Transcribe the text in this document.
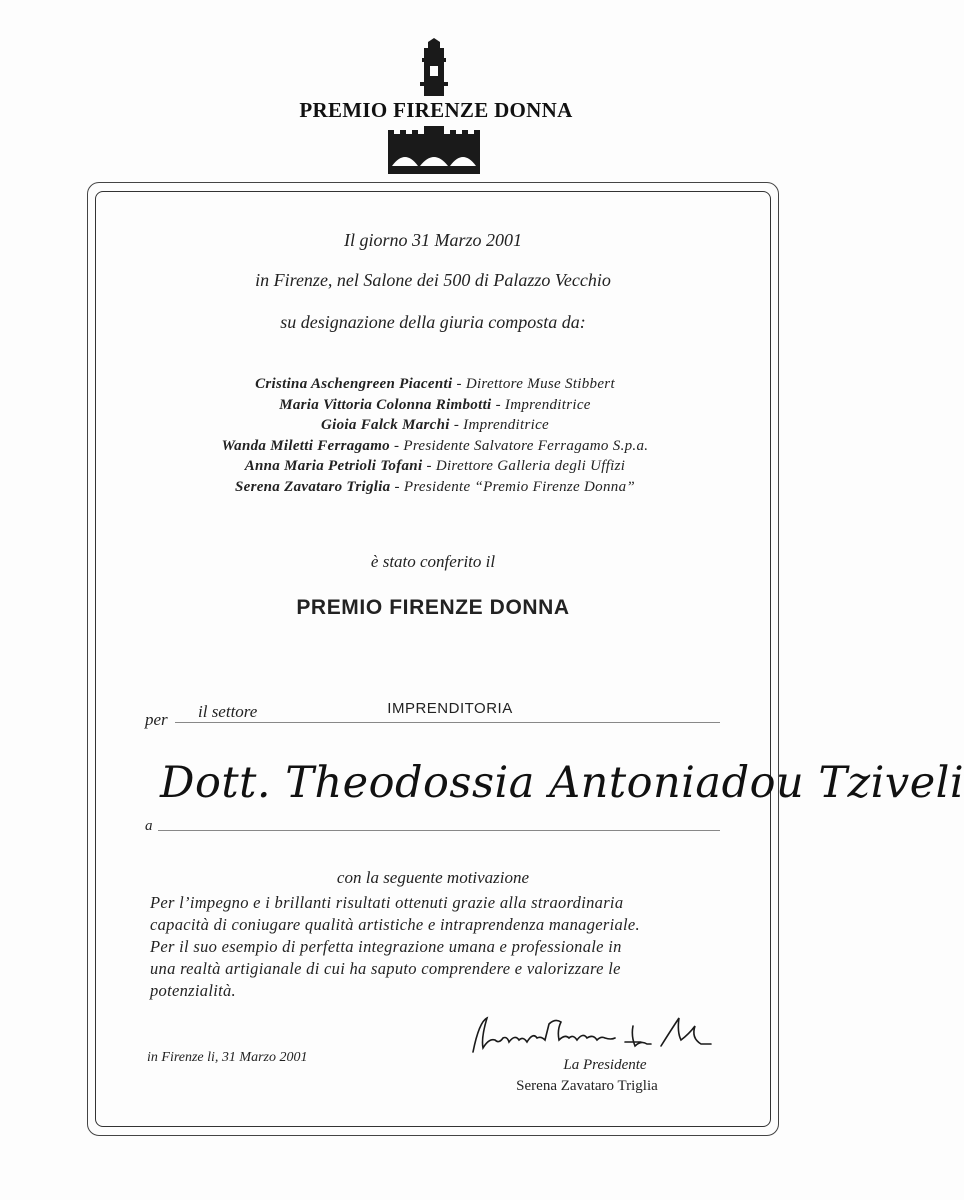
PREMIO FIRENZE DONNA
Il giorno 31 Marzo 2001
in Firenze, nel Salone dei 500 di Palazzo Vecchio
su designazione della giuria composta da:
Cristina Aschengreen Piacenti - Direttore Muse Stibbert
Maria Vittoria Colonna Rimbotti - Imprenditrice
Gioia Falck Marchi - Imprenditrice
Wanda Miletti Ferragamo - Presidente Salvatore Ferragamo S.p.a.
Anna Maria Petrioli Tofani - Direttore Galleria degli Uffizi
Serena Zavataro Triglia - Presidente “Premio Firenze Donna”
è stato conferito il
PREMIO FIRENZE DONNA
per il settore	IMPRENDITORIA
a
Dott. Theodossia Antoniadou Tziveli
con la seguente motivazione
Per l’impegno e i brillanti risultati ottenuti grazie alla straordinaria
capacità di coniugare qualità artistiche e intraprendenza manageriale.
Per il suo esempio di perfetta integrazione umana e professionale in
una realtà artigianale di cui ha saputo comprendere e valorizzare le
potenzialità.
in Firenze li, 31 Marzo 2001	La Presidente
Serena Zavataro Triglia
